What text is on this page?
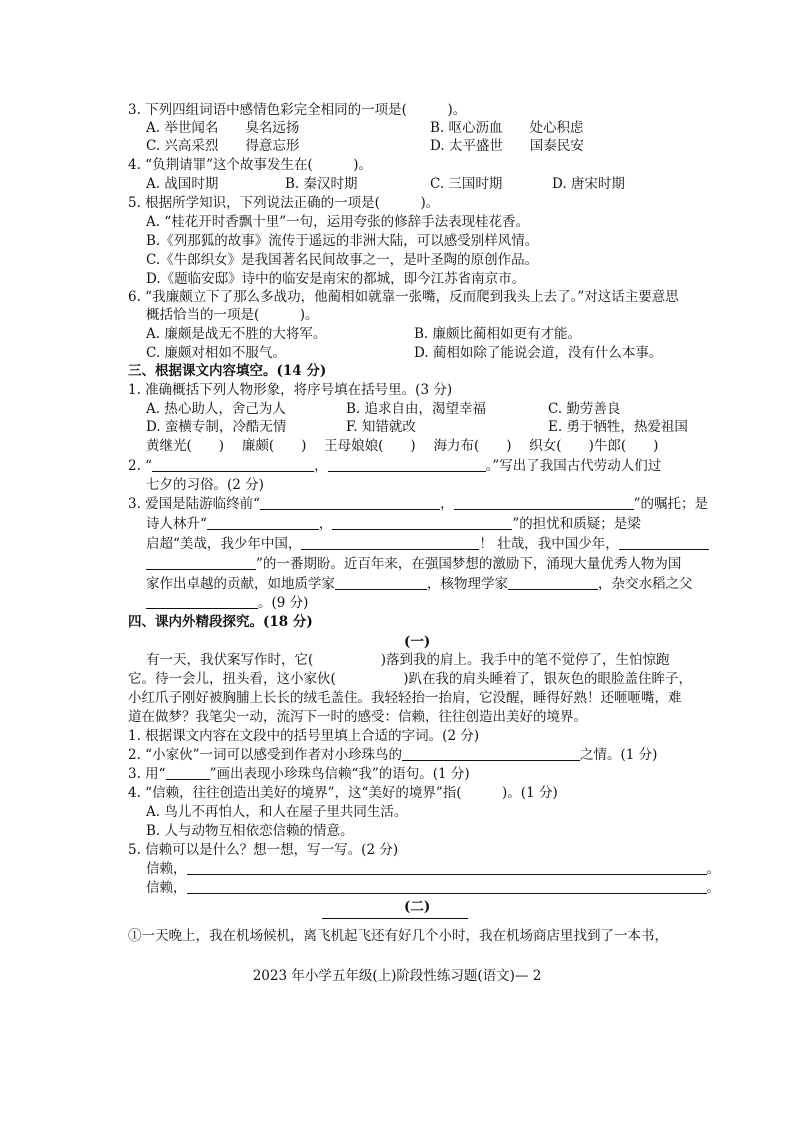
3. 下列四组词语中感情色彩完全相同的一项是(　　　)。
A. 举世闻名　　臭名远扬	B. 呕心沥血　　处心积虑
C. 兴高采烈　　得意忘形	D. 太平盛世　　国泰民安
4. “负荆请罪”这个故事发生在(　　　)。
A. 战国时期	B. 秦汉时期	C. 三国时期	D. 唐宋时期
5. 根据所学知识，下列说法正确的一项是(　　　)。
A. “桂花开时香飘十里”一句，运用夸张的修辞手法表现桂花香。
B.《列那狐的故事》流传于遥远的非洲大陆，可以感受别样风情。
C.《牛郎织女》是我国著名民间故事之一，是叶圣陶的原创作品。
D.《题临安邸》诗中的临安是南宋的都城，即今江苏省南京市。
6. “我廉颇立下了那么多战功，他蔺相如就靠一张嘴，反而爬到我头上去了。”对这话主要意思
概括恰当的一项是(　　　)。
A. 廉颇是战无不胜的大将军。	B. 廉颇比蔺相如更有才能。
C. 廉颇对相如不服气。	D. 蔺相如除了能说会道，没有什么本事。
三、根据课文内容填空。(14 分)
1. 准确概括下列人物形象，将序号填在括号里。(3 分)
A. 热心助人，舍己为人	B. 追求自由，渴望幸福	C. 勤劳善良
D. 蛮横专制，冷酷无情	F. 知错就改	E. 勇于牺牲，热爱祖国
黄继光(　　)　 廉颇(　　)　 王母娘娘(　　)　 海力布(　　)　 织女(　　)牛郎(　　)
2. “	，	。”写出了我国古代劳动人们过
七夕的习俗。(2 分)
3. 爱国是陆游临终前“	，	”的嘱托；是
诗人林升“	，	”的担忧和质疑；是梁
启超“美哉，我少年中国，	！ 壮哉，我中国少年，
”的一番期盼。近百年来，在强国梦想的激励下，涌现大量优秀人物为国
家作出卓越的贡献，如地质学家	，核物理学家	，杂交水稻之父
。(9 分)
四、课内外精段探究。(18 分)
(一)
有一天，我伏案写作时，它(　　　　　)落到我的肩上。我手中的笔不觉停了，生怕惊跑
它。待一会儿，扭头看，这小家伙(　　　　　)趴在我的肩头睡着了，银灰色的眼脸盖住眸子，
小红爪子刚好被胸脯上长长的绒毛盖住。我轻轻抬一抬肩，它没醒，睡得好熟！还咂咂嘴，难
道在做梦？我笔尖一动，流泻下一时的感受：信赖，往往创造出美好的境界。
1. 根据课文内容在文段中的括号里填上合适的字词。(2 分)
2. “小家伙”一词可以感受到作者对小珍珠鸟的	之情。(1 分)
3. 用“	”画出表现小珍珠鸟信赖“我”的语句。(1 分)
4. “信赖，往往创造出美好的境界”，这“美好的境界”指(　　　)。(1 分)
A. 鸟儿不再怕人，和人在屋子里共同生活。
B. 人与动物互相依恋信赖的情意。
5. 信赖可以是什么？想一想，写一写。(2 分)
信赖，	。
信赖，	。
(二)
①一天晚上，我在机场候机，离飞机起飞还有好几个小时，我在机场商店里找到了一本书，
2023 年小学五年级(上)阶段性练习题(语文)— 2
